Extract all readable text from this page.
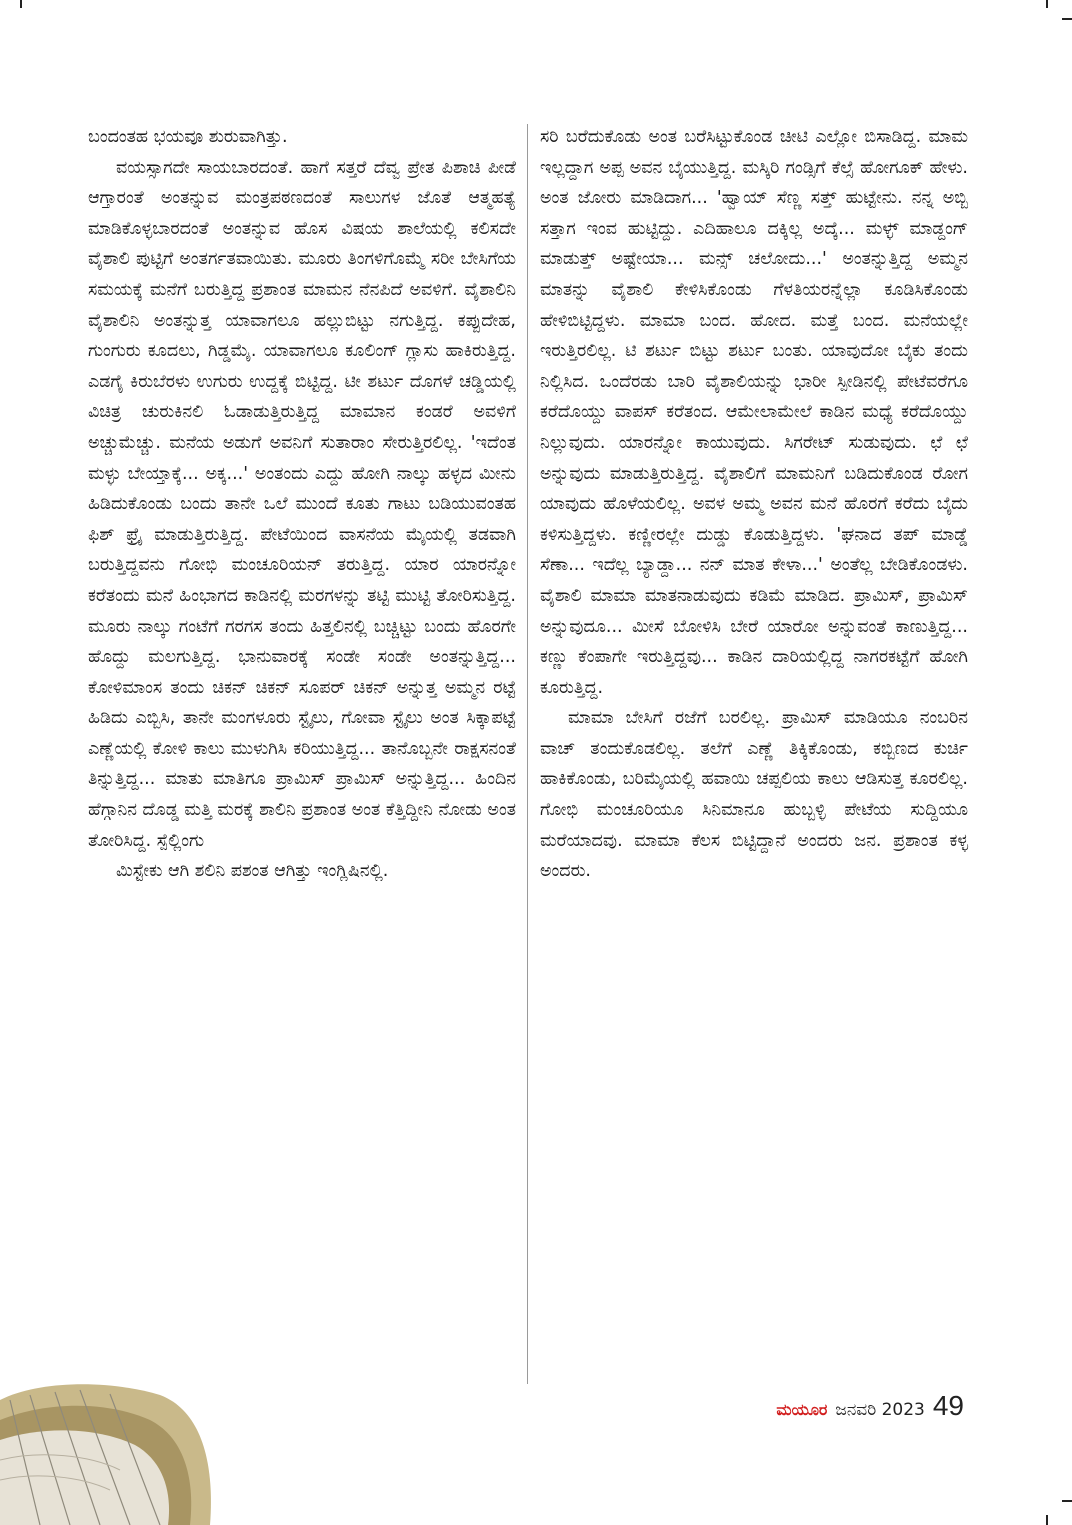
ಬಂದಂತಹ ಭಯವೂ ಶುರುವಾಗಿತ್ತು.

ವಯಸ್ಸಾಗದೇ ಸಾಯಬಾರದಂತೆ. ಹಾಗೆ ಸತ್ತರೆ ದೆವ್ವ ಪ್ರೇತ ಪಿಶಾಚಿ ಪೀಡೆ ಆಗ್ತಾರಂತೆ ಅಂತನ್ನುವ ಮಂತ್ರಪಠಣದಂತೆ ಸಾಲುಗಳ ಜೊತೆ ಆತ್ಮಹತ್ಯೆ ಮಾಡಿಕೊಳ್ಳಬಾರದಂತೆ ಅಂತನ್ನುವ ಹೊಸ ವಿಷಯ ಶಾಲೆಯಲ್ಲಿ ಕಲಿಸದೇ ವೈಶಾಲಿ ಪುಟ್ಟಿಗೆ ಅಂತರ್ಗತವಾಯಿತು. ಮೂರು ತಿಂಗಳಿಗೊಮ್ಮೆ ಸರೀ ಬೇಸಿಗೆಯ ಸಮಯಕ್ಕೆ ಮನೆಗೆ ಬರುತ್ತಿದ್ದ ಪ್ರಶಾಂತ ಮಾಮನ ನೆನಪಿದೆ ಅವಳಿಗೆ. ವೈಶಾಲಿನಿ ವೈಶಾಲಿನಿ ಅಂತನ್ನುತ್ತ ಯಾವಾಗಲೂ ಹಲ್ಲುಬಿಟ್ಟು ನಗುತ್ತಿದ್ದ. ಕಪ್ಪುದೇಹ, ಗುಂಗುರು ಕೂದಲು, ಗಿಡ್ಡಮೈ. ಯಾವಾಗಲೂ ಕೂಲಿಂಗ್ ಗ್ಲಾಸು ಹಾಕಿರುತ್ತಿದ್ದ. ಎಡಗೈ ಕಿರುಬೆರಳು ಉಗುರು ಉದ್ದಕ್ಕೆ ಬಿಟ್ಟಿದ್ದ. ಟೀ ಶರ್ಟು ದೊಗಳೆ ಚಡ್ಡಿಯಲ್ಲಿ ವಿಚಿತ್ರ ಚುರುಕಿನಲಿ ಓಡಾಡುತ್ತಿರುತ್ತಿದ್ದ ಮಾಮಾನ ಕಂಡರೆ ಅವಳಿಗೆ ಅಚ್ಚುಮೆಚ್ಚು. ಮನೆಯ ಅಡುಗೆ ಅವನಿಗೆ ಸುತಾರಾಂ ಸೇರುತ್ತಿರಲಿಲ್ಲ. 'ಇದೆಂತ ಮಳ್ಳು ಬೇಯ್ತಾಕ್ಕೆ... ಅಕ್ಕ...' ಅಂತಂದು ಎದ್ದು ಹೋಗಿ ನಾಲ್ಕು ಹಳ್ಳದ ಮೀನು ಹಿಡಿದುಕೊಂಡು ಬಂದು ತಾನೇ ಒಲೆ ಮುಂದೆ ಕೂತು ಗಾಟು ಬಡಿಯುವಂತಹ ಫಿಶ್ ಫ್ರೈ ಮಾಡುತ್ತಿರುತ್ತಿದ್ದ. ಪೇಟೆಯಿಂದ ವಾಸನೆಯ ಮೈಯಲ್ಲಿ ತಡವಾಗಿ ಬರುತ್ತಿದ್ದವನು ಗೋಭಿ ಮಂಚೂರಿಯನ್ ತರುತ್ತಿದ್ದ. ಯಾರ ಯಾರನ್ನೋ ಕರೆತಂದು ಮನೆ ಹಿಂಭಾಗದ ಕಾಡಿನಲ್ಲಿ ಮರಗಳನ್ನು ತಟ್ಟಿ ಮುಟ್ಟಿ ತೋರಿಸುತ್ತಿದ್ದ. ಮೂರು ನಾಲ್ಕು ಗಂಟೆಗೆ ಗರಗಸ ತಂದು ಹಿತ್ತಲಿನಲ್ಲಿ ಬಚ್ಚಿಟ್ಟು ಬಂದು ಹೊರಗೇ ಹೊದ್ದು ಮಲಗುತ್ತಿದ್ದ. ಭಾನುವಾರಕ್ಕೆ ಸಂಡೇ ಸಂಡೇ ಅಂತನ್ನುತ್ತಿದ್ದ... ಕೋಳಿಮಾಂಸ ತಂದು ಚಿಕನ್ ಚಿಕನ್ ಸೂಪರ್ ಚಿಕನ್ ಅನ್ನುತ್ತ ಅಮ್ಮನ ರಟ್ಟೆ ಹಿಡಿದು ಎಬ್ಬಿಸಿ, ತಾನೇ ಮಂಗಳೂರು ಸ್ಟೈಲು, ಗೋವಾ ಸ್ಟೈಲು ಅಂತ ಸಿಕ್ಕಾಪಟ್ಟೆ ಎಣ್ಣೆಯಲ್ಲಿ ಕೋಳಿ ಕಾಲು ಮುಳುಗಿಸಿ ಕರಿಯುತ್ತಿದ್ದ... ತಾನೊಬ್ಬನೇ ರಾಕ್ಷಸನಂತೆ ತಿನ್ನುತ್ತಿದ್ದ... ಮಾತು ಮಾತಿಗೂ ಪ್ರಾಮಿಸ್ ಪ್ರಾಮಿಸ್ ಅನ್ನುತ್ತಿದ್ದ... ಹಿಂದಿನ ಹೆಗ್ಗಾನಿನ ದೊಡ್ಡ ಮತ್ತಿ ಮರಕ್ಕೆ ಶಾಲಿನಿ ಪ್ರಶಾಂತ ಅಂತ ಕೆತ್ತಿದ್ದೀನಿ ನೋಡು ಅಂತ ತೋರಿಸಿದ್ದ. ಸ್ಪೆಲ್ಲಿಂಗು

ಮಿಸ್ಟೇಕು ಆಗಿ ಶಲಿನಿ ಪಶಂತ ಆಗಿತ್ತು ಇಂಗ್ಲಿಷಿನಲ್ಲಿ.

ಸರಿ ಬರೆದುಕೊಡು ಅಂತ ಬರೆಸಿಟ್ಟುಕೊಂಡ ಚೀಟಿ ಎಲ್ಲೋ ಬಿಸಾಡಿದ್ದ. ಮಾಮ ಇಲ್ಲದ್ದಾಗ ಅಪ್ಪ ಅವನ ಬೈಯುತ್ತಿದ್ದ. ಮಸ್ಕಿರಿ ಗಂಡ್ಸಿಗೆ ಕೆಲ್ಸೆ ಹೋಗೂಕ್ ಹೇಳು. ಅಂತ ಜೋರು ಮಾಡಿದಾಗ... 'ಹ್ವಾಯ್ ಸೆಣ್ಣ ಸತ್ತ್ ಹುಟ್ಟೇನು. ನನ್ನ ಅಬ್ಬಿ ಸತ್ತಾಗ ಇಂವ ಹುಟ್ಟಿದ್ದು. ಎದಿಹಾಲೂ ದಕ್ಕಿಲ್ಲ ಅದ್ಕೆ... ಮಳ್ಳ್ ಮಾಡ್ದಂಗ್ ಮಾಡುತ್ತ್ ಅಷ್ಟೇಯಾ... ಮನ್ಸ್ ಚಲೋದು...' ಅಂತನ್ನುತ್ತಿದ್ದ ಅಮ್ಮನ ಮಾತನ್ನು ವೈಶಾಲಿ ಕೇಳಿಸಿಕೊಂಡು ಗೆಳತಿಯರನ್ನೆಲ್ಲಾ ಕೂಡಿಸಿಕೊಂಡು ಹೇಳಿಬಿಟ್ಟಿದ್ದಳು. ಮಾಮಾ ಬಂದ. ಹೋದ. ಮತ್ತೆ ಬಂದ. ಮನೆಯಲ್ಲೇ ಇರುತ್ತಿರಲಿಲ್ಲ. ಟಿ ಶರ್ಟು ಬಿಟ್ಟು ಶರ್ಟು ಬಂತು. ಯಾವುದೋ ಬೈಕು ತಂದು ನಿಲ್ಲಿಸಿದ. ಒಂದೆರಡು ಬಾರಿ ವೈಶಾಲಿಯನ್ನು ಭಾರೀ ಸ್ಪೀಡಿನಲ್ಲಿ ಪೇಟೆವರೆಗೂ ಕರೆದೊಯ್ದು ವಾಪಸ್ ಕರೆತಂದ. ಆಮೇಲಾಮೇಲೆ ಕಾಡಿನ ಮಧ್ಯೆ ಕರೆದೊಯ್ದು ನಿಲ್ಲುವುದು. ಯಾರನ್ನೋ ಕಾಯುವುದು. ಸಿಗರೇಟ್ ಸುಡುವುದು. ಛೆ ಛೆ ಅನ್ನುವುದು ಮಾಡುತ್ತಿರುತ್ತಿದ್ದ. ವೈಶಾಲಿಗೆ ಮಾಮನಿಗೆ ಬಡಿದುಕೊಂಡ ರೋಗ ಯಾವುದು ಹೊಳೆಯಲಿಲ್ಲ. ಅವಳ ಅಮ್ಮ ಅವನ ಮನೆ ಹೊರಗೆ ಕರೆದು ಬೈದು ಕಳಿಸುತ್ತಿದ್ದಳು. ಕಣ್ಣೀರಲ್ಲೇ ದುಡ್ಡು ಕೊಡುತ್ತಿದ್ದಳು. 'ಘನಾದ ತಪ್ ಮಾಡ್ಡೆ ಸೆಣಾ... ಇದೆಲ್ಲ ಬ್ಯಾಡ್ದಾ... ನನ್ ಮಾತ ಕೇಳಾ...' ಅಂತೆಲ್ಲ ಬೇಡಿಕೊಂಡಳು. ವೈಶಾಲಿ ಮಾಮಾ ಮಾತನಾಡುವುದು ಕಡಿಮೆ ಮಾಡಿದ. ಪ್ರಾಮಿಸ್, ಪ್ರಾಮಿಸ್ ಅನ್ನುವುದೂ... ಮೀಸೆ ಬೋಳಿಸಿ ಬೇರೆ ಯಾರೋ ಅನ್ನುವಂತೆ ಕಾಣುತ್ತಿದ್ದ... ಕಣ್ಣು ಕೆಂಪಾಗೇ ಇರುತ್ತಿದ್ದವು... ಕಾಡಿನ ದಾರಿಯಲ್ಲಿದ್ದ ನಾಗರಕಟ್ಟೆಗೆ ಹೋಗಿ ಕೂರುತ್ತಿದ್ದ.

ಮಾಮಾ ಬೇಸಿಗೆ ರಜೆಗೆ ಬರಲಿಲ್ಲ. ಪ್ರಾಮಿಸ್ ಮಾಡಿಯೂ ನಂಬರಿನ ವಾಚ್ ತಂದುಕೊಡಲಿಲ್ಲ. ತಲೆಗೆ ಎಣ್ಣೆ ತಿಕ್ಕಿಕೊಂಡು, ಕಬ್ಬಿಣದ ಕುರ್ಚಿ ಹಾಕಿಕೊಂಡು, ಬರಿಮೈಯಲ್ಲಿ ಹವಾಯಿ ಚಪ್ಪಲಿಯ ಕಾಲು ಆಡಿಸುತ್ತ ಕೂರಲಿಲ್ಲ. ಗೋಭಿ ಮಂಚೂರಿಯೂ ಸಿನಿಮಾನೂ ಹುಬ್ಬಳ್ಳಿ ಪೇಟೆಯ ಸುದ್ದಿಯೂ ಮರೆಯಾದವು. ಮಾಮಾ ಕೆಲಸ ಬಿಟ್ಟಿದ್ದಾನೆ ಅಂದರು ಜನ. ಪ್ರಶಾಂತ ಕಳ್ಳ ಅಂದರು.

ಮಯೂರ ಜನವರಿ 2023 49
